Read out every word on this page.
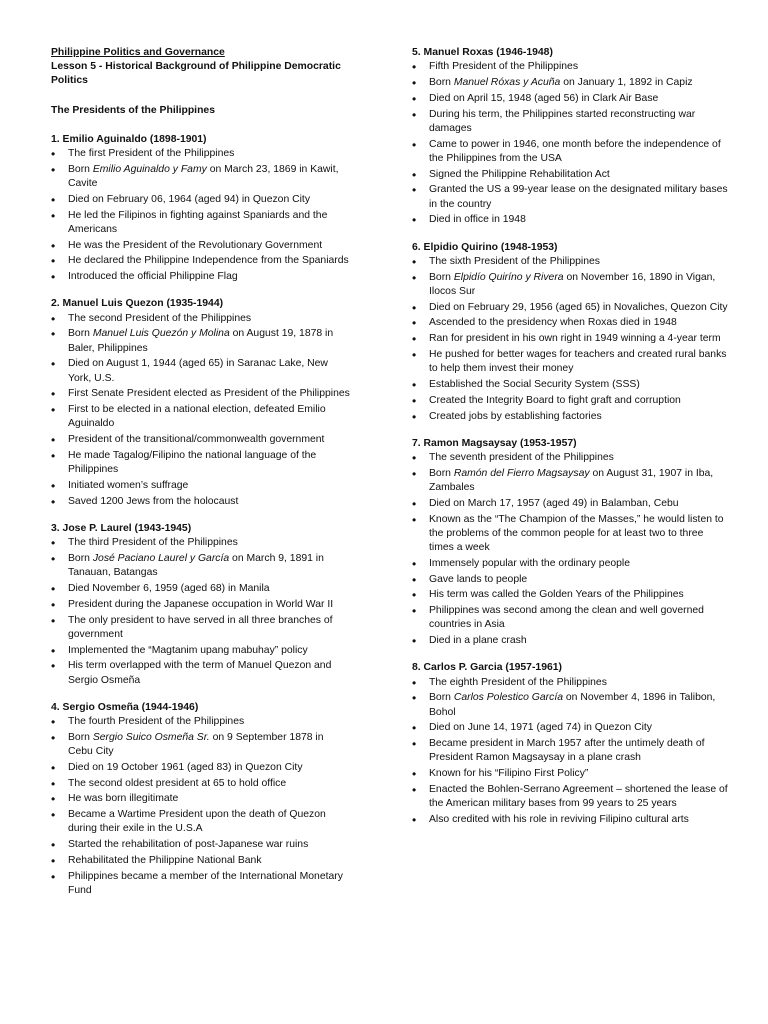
Philippine Politics and Governance
Lesson 5 - Historical Background of Philippine Democratic Politics
The Presidents of the Philippines
1. Emilio Aguinaldo (1898-1901)
• The first President of the Philippines
• Born Emilio Aguinaldo y Famy on March 23, 1869 in Kawit, Cavite
• Died on February 06, 1964 (aged 94) in Quezon City
• He led the Filipinos in fighting against Spaniards and the Americans
• He was the President of the Revolutionary Government
• He declared the Philippine Independence from the Spaniards
• Introduced the official Philippine Flag
2. Manuel Luis Quezon (1935-1944)
• The second President of the Philippines
• Born Manuel Luis Quezón y Molina on August 19, 1878 in Baler, Philippines
• Died on August 1, 1944 (aged 65) in Saranac Lake, New York, U.S.
• First Senate President elected as President of the Philippines
• First to be elected in a national election, defeated Emilio Aguinaldo
• President of the transitional/commonwealth government
• He made Tagalog/Filipino the national language of the Philippines
• Initiated women’s suffrage
• Saved 1200 Jews from the holocaust
3. Jose P. Laurel (1943-1945)
• The third President of the Philippines
• Born José Paciano Laurel y García on March 9, 1891 in Tanauan, Batangas
• Died November 6, 1959 (aged 68) in Manila
• President during the Japanese occupation in World War II
• The only president to have served in all three branches of government
• Implemented the “Magtanim upang mabuhay” policy
• His term overlapped with the term of Manuel Quezon and Sergio Osmeña
4. Sergio Osmeña (1944-1946)
• The fourth President of the Philippines
• Born Sergio Suico Osmeña Sr. on 9 September 1878 in Cebu City
• Died on 19 October 1961 (aged 83) in Quezon City
• The second oldest president at 65 to hold office
• He was born illegitimate
• Became a Wartime President upon the death of Quezon during their exile in the U.S.A
• Started the rehabilitation of post-Japanese war ruins
• Rehabilitated the Philippine National Bank
• Philippines became a member of the International Monetary Fund
5. Manuel Roxas (1946-1948)
• Fifth President of the Philippines
• Born Manuel Róxas y Acuña on January 1, 1892 in Capiz
• Died on April 15, 1948 (aged 56) in Clark Air Base
• During his term, the Philippines started reconstructing war damages
• Came to power in 1946, one month before the independence of the Philippines from the USA
• Signed the Philippine Rehabilitation Act
• Granted the US a 99-year lease on the designated military bases in the country
• Died in office in 1948
6. Elpidio Quirino (1948-1953)
• The sixth President of the Philippines
• Born Elpidío Quiríno y Rivera on November 16, 1890 in Vigan, Ilocos Sur
• Died on February 29, 1956 (aged 65) in Novaliches, Quezon City
• Ascended to the presidency when Roxas died in 1948
• Ran for president in his own right in 1949 winning a 4-year term
• He pushed for better wages for teachers and created rural banks to help them invest their money
• Established the Social Security System (SSS)
• Created the Integrity Board to fight graft and corruption
• Created jobs by establishing factories
7. Ramon Magsaysay (1953-1957)
• The seventh president of the Philippines
• Born Ramón del Fierro Magsaysay on August 31, 1907 in Iba, Zambales
• Died on March 17, 1957 (aged 49) in Balamban, Cebu
• Known as the “The Champion of the Masses,” he would listen to the problems of the common people for at least two to three times a week
• Immensely popular with the ordinary people
• Gave lands to people
• His term was called the Golden Years of the Philippines
• Philippines was second among the clean and well governed countries in Asia
• Died in a plane crash
8. Carlos P. Garcia (1957-1961)
• The eighth President of the Philippines
• Born Carlos Polestico García on November 4, 1896 in Talibon, Bohol
• Died on June 14, 1971 (aged 74) in Quezon City
• Became president in March 1957 after the untimely death of President Ramon Magsaysay in a plane crash
• Known for his “Filipino First Policy”
• Enacted the Bohlen-Serrano Agreement – shortened the lease of the American military bases from 99 years to 25 years
• Also credited with his role in reviving Filipino cultural arts
